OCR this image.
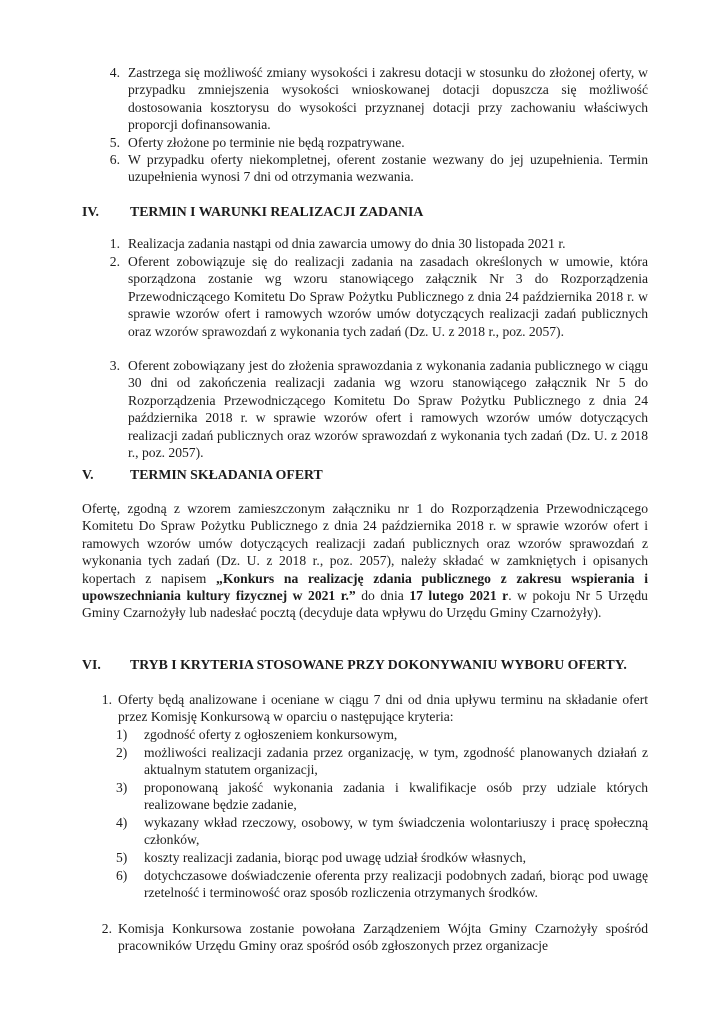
4. Zastrzega się możliwość zmiany wysokości i zakresu dotacji w stosunku do złożonej oferty, w przypadku zmniejszenia wysokości wnioskowanej dotacji dopuszcza się możliwość dostosowania kosztorysu do wysokości przyznanej dotacji przy zachowaniu właściwych proporcji dofinansowania.
5. Oferty złożone po terminie nie będą rozpatrywane.
6. W przypadku oferty niekompletnej, oferent zostanie wezwany do jej uzupełnienia. Termin uzupełnienia wynosi 7 dni od otrzymania wezwania.
IV. TERMIN I WARUNKI REALIZACJI ZADANIA
1. Realizacja zadania nastąpi od dnia zawarcia umowy do dnia 30 listopada 2021 r.
2. Oferent zobowiązuje się do realizacji zadania na zasadach określonych w umowie, która sporządzona zostanie wg wzoru stanowiącego załącznik Nr 3 do Rozporządzenia Przewodniczącego Komitetu Do Spraw Pożytku Publicznego z dnia 24 października 2018 r. w sprawie wzorów ofert i ramowych wzorów umów dotyczących realizacji zadań publicznych oraz wzorów sprawozdań z wykonania tych zadań (Dz. U. z 2018 r., poz. 2057).
3. Oferent zobowiązany jest do złożenia sprawozdania z wykonania zadania publicznego w ciągu 30 dni od zakończenia realizacji zadania wg wzoru stanowiącego załącznik Nr 5 do Rozporządzenia Przewodniczącego Komitetu Do Spraw Pożytku Publicznego z dnia 24 października 2018 r. w sprawie wzorów ofert i ramowych wzorów umów dotyczących realizacji zadań publicznych oraz wzorów sprawozdań z wykonania tych zadań (Dz. U. z 2018 r., poz. 2057).
V.	TERMIN SKŁADANIA OFERT
Ofertę, zgodną z wzorem zamieszczonym załączniku nr 1 do Rozporządzenia Przewodniczącego Komitetu Do Spraw Pożytku Publicznego z dnia 24 października 2018 r. w sprawie wzorów ofert i ramowych wzorów umów dotyczących realizacji zadań publicznych oraz wzorów sprawozdań z wykonania tych zadań (Dz. U. z 2018 r., poz. 2057), należy składać w zamkniętych i opisanych kopertach z napisem „Konkurs na realizację zdania publicznego z zakresu wspierania i upowszechniania kultury fizycznej w 2021 r.” do dnia 17 lutego 2021 r. w pokoju Nr 5 Urzędu Gminy Czarnożyły lub nadesłać pocztą (decyduje data wpływu do Urzędu Gminy Czarnożyły).
VI. TRYB I KRYTERIA STOSOWANE PRZY DOKONYWANIU WYBORU OFERTY.
1. Oferty będą analizowane i oceniane w ciągu 7 dni od dnia upływu terminu na składanie ofert przez Komisję Konkursową w oparciu o następujące kryteria:
1)	zgodność oferty z ogłoszeniem konkursowym,
2)	możliwości realizacji zadania przez organizację, w tym, zgodność planowanych działań z aktualnym statutem organizacji,
3)	proponowaną jakość wykonania zadania i kwalifikacje osób przy udziale których realizowane będzie zadanie,
4)	wykazany wkład rzeczowy, osobowy, w tym świadczenia wolontariuszy i pracę społeczną członków,
5)	koszty realizacji zadania, biorąc pod uwagę udział środków własnych,
6)	dotychczasowe doświadczenie oferenta przy realizacji podobnych zadań, biorąc pod uwagę rzetelność i terminowość oraz sposób rozliczenia otrzymanych środków.
2. Komisja Konkursowa zostanie powołana Zarządzeniem Wójta Gminy Czarnożyły spośród pracowników Urzędu Gminy oraz spośród osób zgłoszonych przez organizacje
